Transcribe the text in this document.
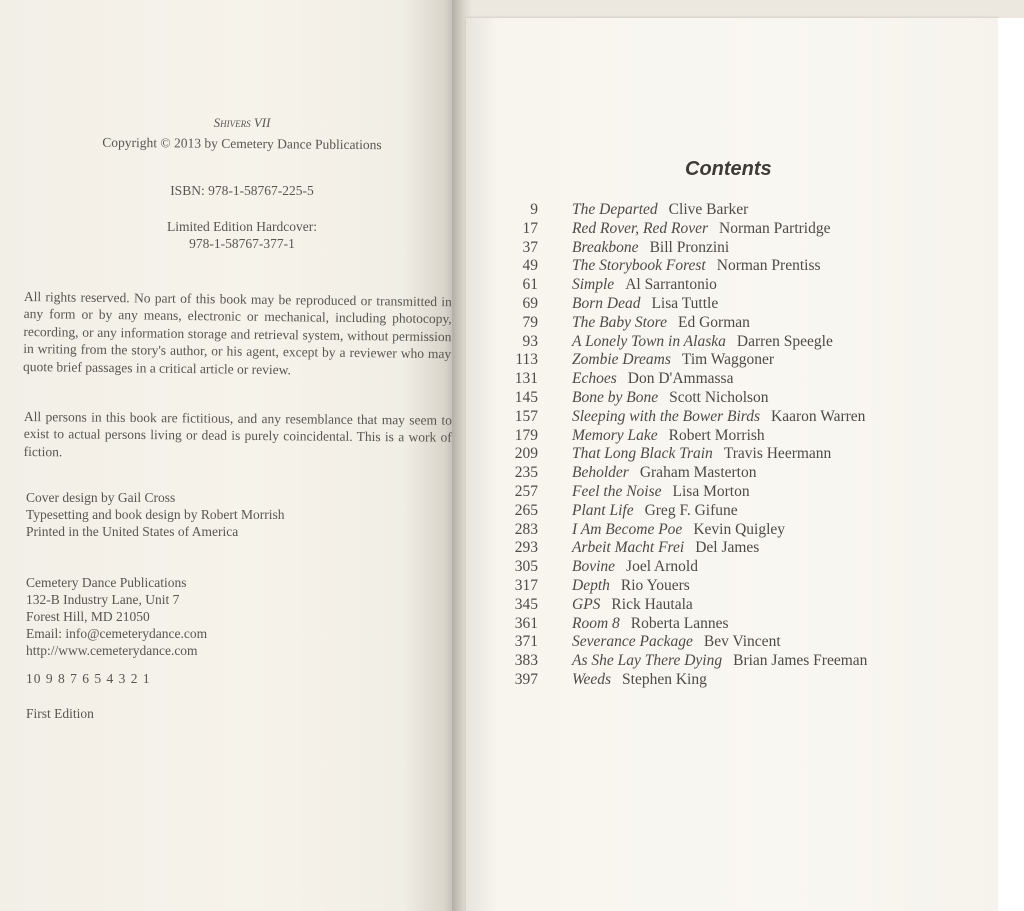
Shivers VII
Copyright © 2013 by Cemetery Dance Publications
ISBN: 978-1-58767-225-5
Limited Edition Hardcover:
978-1-58767-377-1
All rights reserved. No part of this book may be reproduced or transmitted in any form or by any means, electronic or mechanical, including photocopy, recording, or any information storage and retrieval system, without permission in writing from the story's author, or his agent, except by a reviewer who may quote brief passages in a critical article or review.
All persons in this book are fictitious, and any resemblance that may seem to exist to actual persons living or dead is purely coincidental. This is a work of fiction.
Cover design by Gail Cross
Typesetting and book design by Robert Morrish
Printed in the United States of America
Cemetery Dance Publications
132-B Industry Lane, Unit 7
Forest Hill, MD 21050
Email: info@cemeterydance.com
http://www.cemeterydance.com
10 9 8 7 6 5 4 3 2 1
First Edition
Contents
9 The Departed Clive Barker
17 Red Rover, Red Rover Norman Partridge
37 Breakbone Bill Pronzini
49 The Storybook Forest Norman Prentiss
61 Simple Al Sarrantonio
69 Born Dead Lisa Tuttle
79 The Baby Store Ed Gorman
93 A Lonely Town in Alaska Darren Speegle
113 Zombie Dreams Tim Waggoner
131 Echoes Don D'Ammassa
145 Bone by Bone Scott Nicholson
157 Sleeping with the Bower Birds Kaaron Warren
179 Memory Lake Robert Morrish
209 That Long Black Train Travis Heermann
235 Beholder Graham Masterton
257 Feel the Noise Lisa Morton
265 Plant Life Greg F. Gifune
283 I Am Become Poe Kevin Quigley
293 Arbeit Macht Frei Del James
305 Bovine Joel Arnold
317 Depth Rio Youers
345 GPS Rick Hautala
361 Room 8 Roberta Lannes
371 Severance Package Bev Vincent
383 As She Lay There Dying Brian James Freeman
397 Weeds Stephen King
